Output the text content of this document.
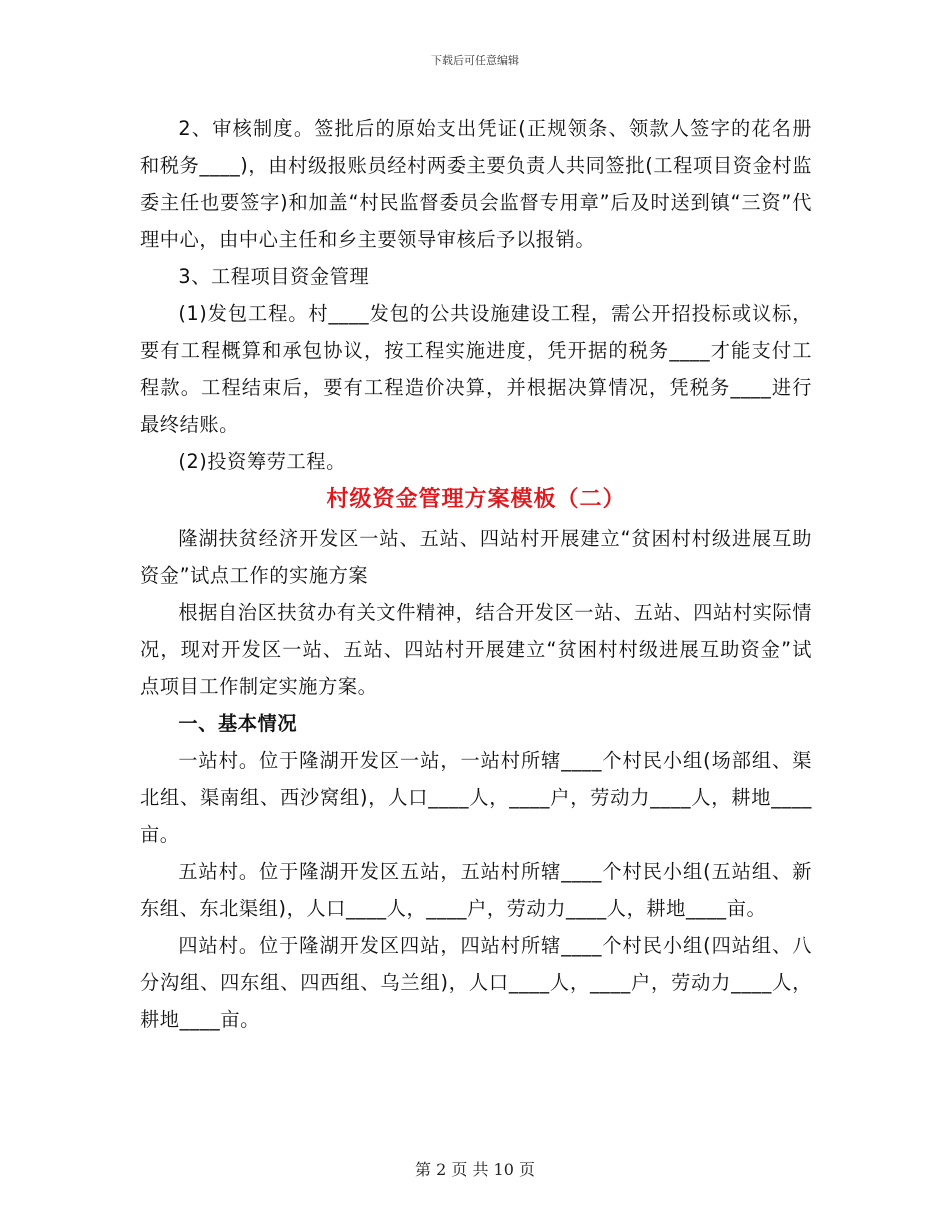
下载后可任意编辑

2、审核制度。签批后的原始支出凭证(正规领条、领款人签字的花名册和税务____)，由村级报账员经村两委主要负责人共同签批(工程项目资金村监委主任也要签字)和加盖“村民监督委员会监督专用章”后及时送到镇“三资”代理中心，由中心主任和乡主要领导审核后予以报销。

3、工程项目资金管理

(1)发包工程。村____发包的公共设施建设工程，需公开招投标或议标，要有工程概算和承包协议，按工程实施进度，凭开据的税务____才能支付工程款。工程结束后，要有工程造价决算，并根据决算情况，凭税务____进行最终结账。

(2)投资筹劳工程。

村级资金管理方案模板（二）

隆湖扶贫经济开发区一站、五站、四站村开展建立“贫困村村级进展互助资金”试点工作的实施方案

根据自治区扶贫办有关文件精神，结合开发区一站、五站、四站村实际情况，现对开发区一站、五站、四站村开展建立“贫困村村级进展互助资金”试点项目工作制定实施方案。

一、基本情况

一站村。位于隆湖开发区一站，一站村所辖____个村民小组(场部组、渠北组、渠南组、西沙窝组)，人口____人，____户，劳动力____人，耕地____亩。

五站村。位于隆湖开发区五站，五站村所辖____个村民小组(五站组、新东组、东北渠组)，人口____人，____户，劳动力____人，耕地____亩。

四站村。位于隆湖开发区四站，四站村所辖____个村民小组(四站组、八分沟组、四东组、四西组、乌兰组)，人口____人，____户，劳动力____人，耕地____亩。

第 2 页 共 10 页
